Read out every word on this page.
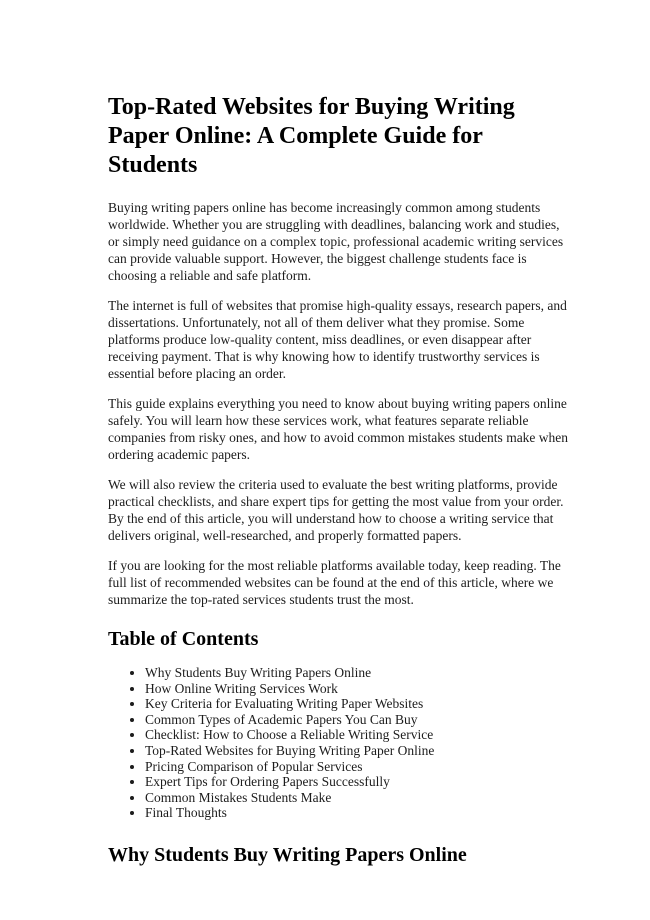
Top-Rated Websites for Buying Writing Paper Online: A Complete Guide for Students

Buying writing papers online has become increasingly common among students worldwide. Whether you are struggling with deadlines, balancing work and studies, or simply need guidance on a complex topic, professional academic writing services can provide valuable support. However, the biggest challenge students face is choosing a reliable and safe platform.

The internet is full of websites that promise high-quality essays, research papers, and dissertations. Unfortunately, not all of them deliver what they promise. Some platforms produce low-quality content, miss deadlines, or even disappear after receiving payment. That is why knowing how to identify trustworthy services is essential before placing an order.

This guide explains everything you need to know about buying writing papers online safely. You will learn how these services work, what features separate reliable companies from risky ones, and how to avoid common mistakes students make when ordering academic papers.

We will also review the criteria used to evaluate the best writing platforms, provide practical checklists, and share expert tips for getting the most value from your order. By the end of this article, you will understand how to choose a writing service that delivers original, well-researched, and properly formatted papers.

If you are looking for the most reliable platforms available today, keep reading. The full list of recommended websites can be found at the end of this article, where we summarize the top-rated services students trust the most.

Table of Contents
• Why Students Buy Writing Papers Online
• How Online Writing Services Work
• Key Criteria for Evaluating Writing Paper Websites
• Common Types of Academic Papers You Can Buy
• Checklist: How to Choose a Reliable Writing Service
• Top-Rated Websites for Buying Writing Paper Online
• Pricing Comparison of Popular Services
• Expert Tips for Ordering Papers Successfully
• Common Mistakes Students Make
• Final Thoughts
Why Students Buy Writing Papers Online
